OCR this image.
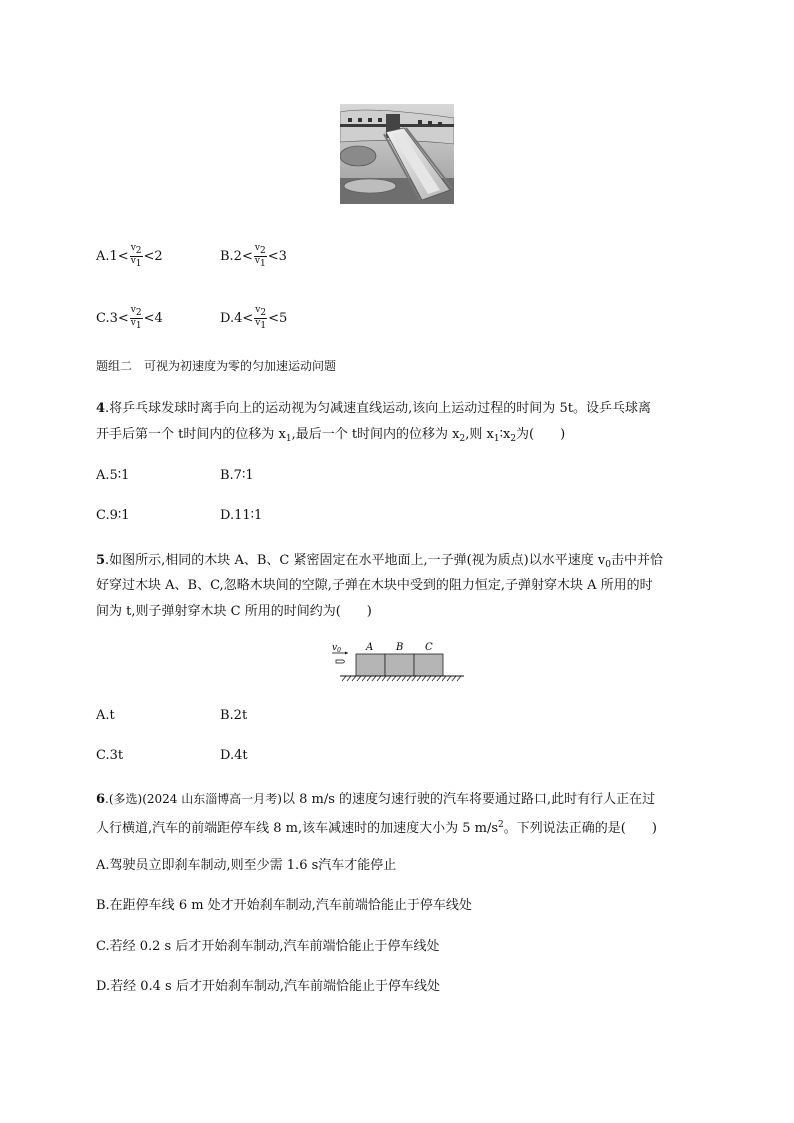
$A.1< \frac{v2}{v1} <2$	$B.2< \frac{v2}{v1} <3$
$C.3< \frac{v2}{v1} <4$	$D.4< \frac{v2}{v1} <5$
题组二　可视为初速度为零的匀加速运动问题
4.将乒乓球发球时离手向上的运动视为匀减速直线运动,该向上运动过程的时间为 5t。设乒乓球离
开手后第一个 t时间内的位移为 $x_1$,最后一个 t时间内的位移为 $x_2$,则 $x_1∶x_2$为(　　)
A.5∶1	B.7∶1
C.9∶1	D.11∶1
5.如图所示,相同的木块 A、B、C 紧密固定在水平地面上,一子弹(视为质点)以水平速度 $v_0$击中并恰
好穿过木块 A、B、C,忽略木块间的空隙,子弹在木块中受到的阻力恒定,子弹射穿木块 A 所用的时
间为 t,则子弹射穿木块 C 所用的时间约为(　　)
$v_0$	A B C
A.t	B.2t
C.3t	D.4t
6.(多选)(2024 山东淄博高一月考)以 8 m/s 的速度匀速行驶的汽车将要通过路口,此时有行人正在过
人行横道,汽车的前端距停车线 8 m,该车减速时的加速度大小为 5 $m/s^2$。下列说法正确的是(　　)
A.驾驶员立即刹车制动,则至少需 1.6 s汽车才能停止
B.在距停车线 6 m 处才开始刹车制动,汽车前端恰能止于停车线处
C.若经 0.2 s 后才开始刹车制动,汽车前端恰能止于停车线处
D.若经 0.4 s 后才开始刹车制动,汽车前端恰能止于停车线处
